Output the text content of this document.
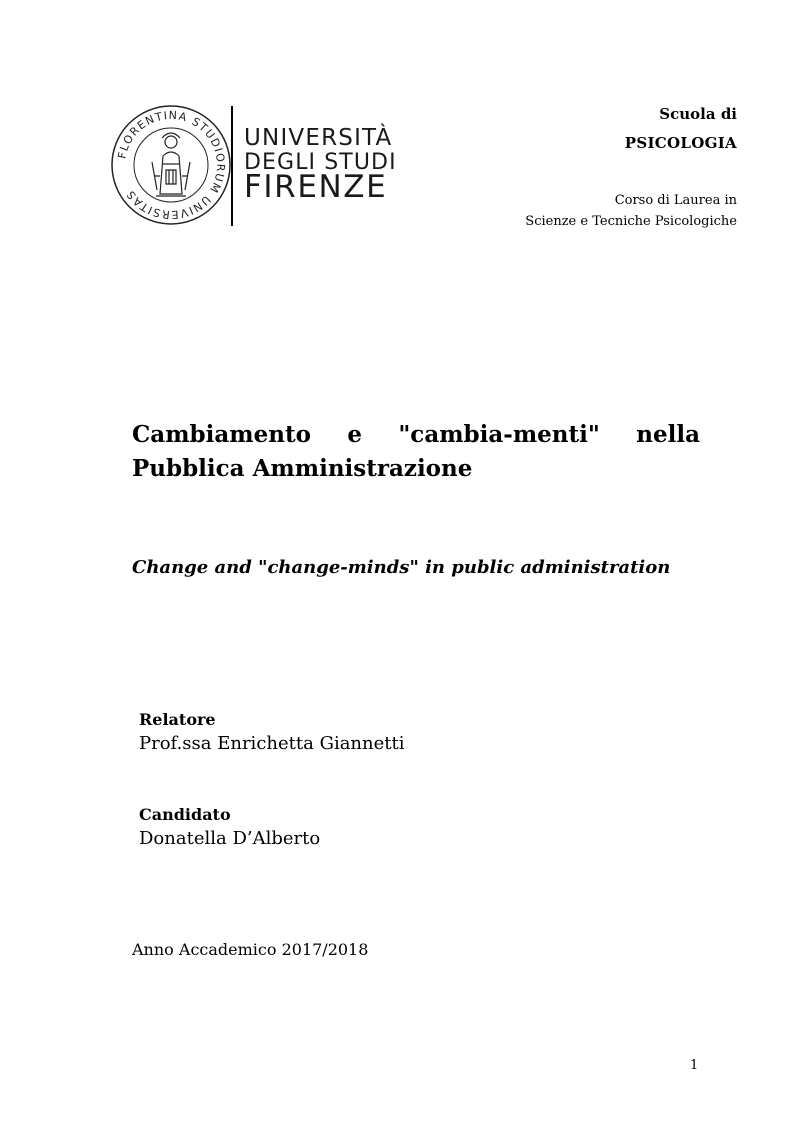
FLORENTINA STUDIORUM UNIVERSITAS
UNIVERSITÀ
DEGLI STUDI
FIRENZE
Scuola di
PSICOLOGIA
Corso di Laurea in
Scienze e Tecniche Psicologiche
Cambiamento e "cambia-menti" nella
Pubblica Amministrazione
Change and "change-minds" in public administration
Relatore
Prof.ssa Enrichetta Giannetti
Candidato
Donatella D’Alberto
Anno Accademico 2017/2018
1
